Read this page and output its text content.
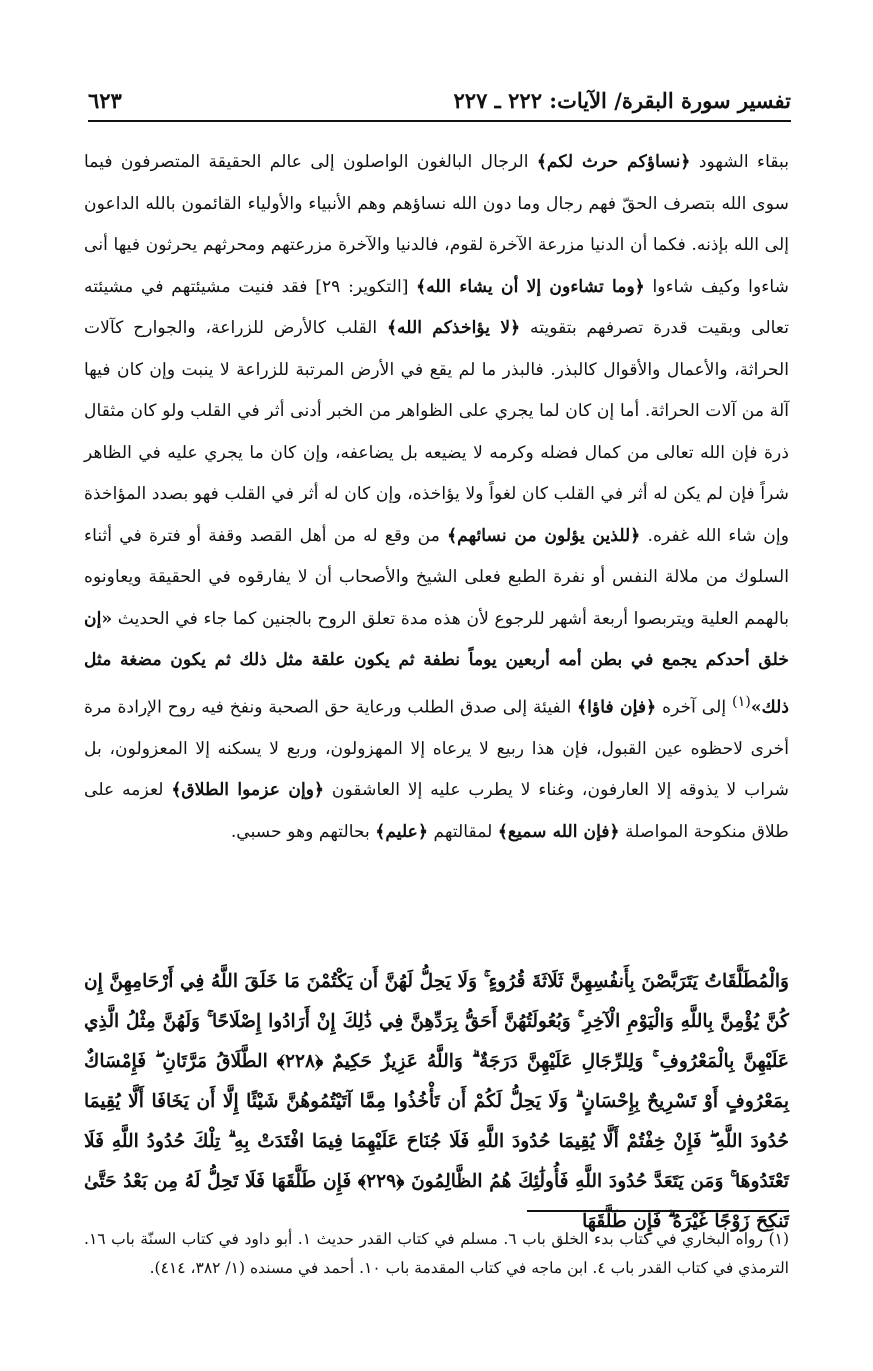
تفسير سورة البقرة/ الآيات: ٢٢٢ ـ ٢٢٧
٦٢٣

ببقاء الشهود ﴿نساؤكم حرث لكم﴾ الرجال البالغون الواصلون إلى عالم الحقيقة المتصرفون فيما سوى الله بتصرف الحقّ فهم رجال وما دون الله نساؤهم وهم الأنبياء والأولياء القائمون بالله الداعون إلى الله بإذنه. فكما أن الدنيا مزرعة الآخرة لقوم، فالدنيا والآخرة مزرعتهم ومحرثهم يحرثون فيها أنى شاءوا وكيف شاءوا ﴿وما تشاءون إلا أن يشاء الله﴾ [التكوير: ٢٩] فقد فنيت مشيئتهم في مشيئته تعالى وبقيت قدرة تصرفهم بتقويته ﴿لا يؤاخذكم الله﴾ القلب كالأرض للزراعة، والجوارح كآلات الحراثة، والأعمال والأقوال كالبذر. فالبذر ما لم يقع في الأرض المرتبة للزراعة لا ينبت وإن كان فيها آلة من آلات الحراثة. أما إن كان لما يجري على الظواهر من الخبر أدنى أثر في القلب ولو كان مثقال ذرة فإن الله تعالى من كمال فضله وكرمه لا يضيعه بل يضاعفه، وإن كان ما يجري عليه في الظاهر شراً فإن لم يكن له أثر في القلب كان لغواً ولا يؤاخذه، وإن كان له أثر في القلب فهو بصدد المؤاخذة وإن شاء الله غفره. ﴿للذين يؤلون من نسائهم﴾ من وقع له من أهل القصد وقفة أو فترة في أثناء السلوك من ملالة النفس أو نفرة الطبع فعلى الشيخ والأصحاب أن لا يفارقوه في الحقيقة ويعاونوه بالهمم العلية ويتربصوا أربعة أشهر للرجوع لأن هذه مدة تعلق الروح بالجنين كما جاء في الحديث «إن خلق أحدكم يجمع في بطن أمه أربعين يوماً نطفة ثم يكون علقة مثل ذلك ثم يكون مضغة مثل ذلك»$^{(١)}$ إلى آخره ﴿فإن فاؤا﴾ الفيئة إلى صدق الطلب ورعاية حق الصحبة ونفخ فيه روح الإرادة مرة أخرى لاحظوه عين القبول، فإن هذا ربيع لا يرعاه إلا المهزولون، وربع لا يسكنه إلا المعزولون، بل شراب لا يذوقه إلا العارفون، وغناء لا يطرب عليه إلا العاشقون ﴿وإن عزموا الطلاق﴾ لعزمه على طلاق منكوحة المواصلة ﴿فإن الله سميع﴾ لمقالتهم ﴿عليم﴾ بحالتهم وهو حسبي.

وَالْمُطَلَّقَاتُ يَتَرَبَّصْنَ بِأَنفُسِهِنَّ ثَلَاثَةَ قُرُوءٍ ۚ وَلَا يَحِلُّ لَهُنَّ أَن يَكْتُمْنَ مَا خَلَقَ اللَّهُ فِي أَرْحَامِهِنَّ إِن كُنَّ يُؤْمِنَّ بِاللَّهِ وَالْيَوْمِ الْآخِرِ ۚ وَبُعُولَتُهُنَّ أَحَقُّ بِرَدِّهِنَّ فِي ذَٰلِكَ إِنْ أَرَادُوا إِصْلَاحًا ۚ وَلَهُنَّ مِثْلُ الَّذِي عَلَيْهِنَّ بِالْمَعْرُوفِ ۚ وَلِلرِّجَالِ عَلَيْهِنَّ دَرَجَةٌ ۗ وَاللَّهُ عَزِيزٌ حَكِيمٌ ﴿٢٢٨﴾ الطَّلَاقُ مَرَّتَانِ ۖ فَإِمْسَاكٌ بِمَعْرُوفٍ أَوْ تَسْرِيحٌ بِإِحْسَانٍ ۗ وَلَا يَحِلُّ لَكُمْ أَن تَأْخُذُوا مِمَّا آتَيْتُمُوهُنَّ شَيْئًا إِلَّا أَن يَخَافَا أَلَّا يُقِيمَا حُدُودَ اللَّهِ ۖ فَإِنْ خِفْتُمْ أَلَّا يُقِيمَا حُدُودَ اللَّهِ فَلَا جُنَاحَ عَلَيْهِمَا فِيمَا افْتَدَتْ بِهِ ۗ تِلْكَ حُدُودُ اللَّهِ فَلَا تَعْتَدُوهَا ۚ وَمَن يَتَعَدَّ حُدُودَ اللَّهِ فَأُولَٰئِكَ هُمُ الظَّالِمُونَ ﴿٢٢٩﴾ فَإِن طَلَّقَهَا فَلَا تَحِلُّ لَهُ مِن بَعْدُ حَتَّىٰ تَنكِحَ زَوْجًا غَيْرَهُ ۗ فَإِن طَلَّقَهَا

(١) رواه البخاري في كتاب بدء الخلق باب ٦. مسلم في كتاب القدر حديث ١. أبو داود في كتاب السنّة باب ١٦. الترمذي في كتاب القدر باب ٤. ابن ماجه في كتاب المقدمة باب ١٠. أحمد في مسنده (١/ ٣٨٢، ٤١٤).
